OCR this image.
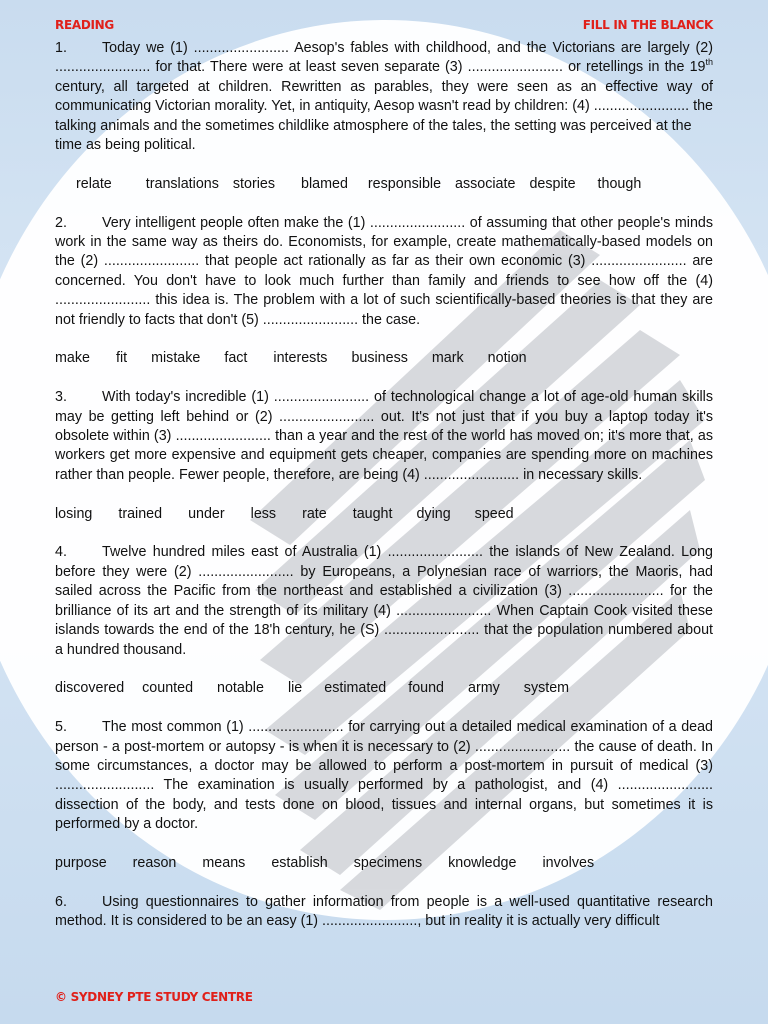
READING	FILL IN THE BLANCK

1. Today we (1) ........................ Aesop's fables with childhood, and the Victorians are largely (2) ........................ for that. There were at least seven separate (3) ........................ or retellings in the 19th century, all targeted at children. Rewritten as parables, they were seen as an effective way of communicating Victorian morality. Yet, in antiquity, Aesop wasn't read by children: (4) ........................ the talking animals and the sometimes childlike atmosphere of the tales, the setting was perceived at the
time as being political.

relate translations stories blamed responsible associate despite though

2. Very intelligent people often make the (1) ........................ of assuming that other people's minds work in the same way as theirs do. Economists, for example, create mathematically-based models on the (2) ........................ that people act rationally as far as their own economic (3) ........................ are concerned. You don't have to look much further than family and friends to see how off the (4) ........................ this idea is. The problem with a lot of such scientifically-based theories is that they are not friendly to facts that don't (5) ........................ the case.

make fit mistake fact interests business mark notion

3. With today's incredible (1) ........................ of technological change a lot of age-old human skills may be getting left behind or (2) ........................ out. It's not just that if you buy a laptop today it's obsolete within (3) ........................ than a year and the rest of the world has moved on; it's more that, as workers get more expensive and equipment gets cheaper, companies are spending more on machines rather than people. Fewer people, therefore, are being (4) ........................ in necessary skills.

losing trained under less rate taught dying speed

4. Twelve hundred miles east of Australia (1) ........................ the islands of New Zealand. Long before they were (2) ........................ by Europeans, a Polynesian race of warriors, the Maoris, had sailed across the Pacific from the northeast and established a civilization (3) ........................ for the brilliance of its art and the strength of its military (4) ........................ When Captain Cook visited these islands towards the end of the 18'h century, he (S) ........................ that the population numbered about a hundred thousand.

discovered counted notable lie estimated found army system

5. The most common (1) ........................ for carrying out a detailed medical examination of a dead person - a post-mortem or autopsy - is when it is necessary to (2) ........................ the cause of death. In some circumstances, a doctor may be allowed to perform a post-mortem in pursuit of medical (3) ......................... The examination is usually performed by a pathologist, and (4) ........................ dissection of the body, and tests done on blood, tissues and internal organs, but sometimes it is performed by a doctor.

purpose reason means establish specimens knowledge involves

6. Using questionnaires to gather information from people is a well-used quantitative research method. It is considered to be an easy (1) ........................, but in reality it is actually very difficult

© SYDNEY PTE STUDY CENTRE
